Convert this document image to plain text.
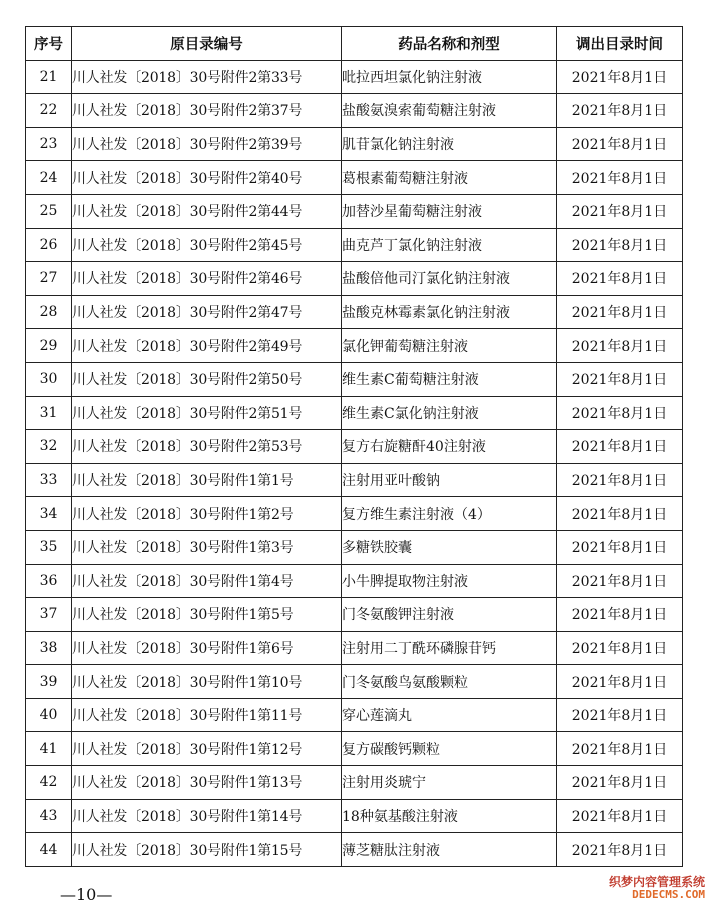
序号	原目录编号	药品名称和剂型	调出目录时间
21	川人社发〔2018〕30号附件2第33号	吡拉西坦氯化钠注射液	2021年8月1日
22	川人社发〔2018〕30号附件2第37号	盐酸氨溴索葡萄糖注射液	2021年8月1日
23	川人社发〔2018〕30号附件2第39号	肌苷氯化钠注射液	2021年8月1日
24	川人社发〔2018〕30号附件2第40号	葛根素葡萄糖注射液	2021年8月1日
25	川人社发〔2018〕30号附件2第44号	加替沙星葡萄糖注射液	2021年8月1日
26	川人社发〔2018〕30号附件2第45号	曲克芦丁氯化钠注射液	2021年8月1日
27	川人社发〔2018〕30号附件2第46号	盐酸倍他司汀氯化钠注射液	2021年8月1日
28	川人社发〔2018〕30号附件2第47号	盐酸克林霉素氯化钠注射液	2021年8月1日
29	川人社发〔2018〕30号附件2第49号	氯化钾葡萄糖注射液	2021年8月1日
30	川人社发〔2018〕30号附件2第50号	维生素C葡萄糖注射液	2021年8月1日
31	川人社发〔2018〕30号附件2第51号	维生素C氯化钠注射液	2021年8月1日
32	川人社发〔2018〕30号附件2第53号	复方右旋糖酐40注射液	2021年8月1日
33	川人社发〔2018〕30号附件1第1号	注射用亚叶酸钠	2021年8月1日
34	川人社发〔2018〕30号附件1第2号	复方维生素注射液（4）	2021年8月1日
35	川人社发〔2018〕30号附件1第3号	多糖铁胶囊	2021年8月1日
36	川人社发〔2018〕30号附件1第4号	小牛脾提取物注射液	2021年8月1日
37	川人社发〔2018〕30号附件1第5号	门冬氨酸钾注射液	2021年8月1日
38	川人社发〔2018〕30号附件1第6号	注射用二丁酰环磷腺苷钙	2021年8月1日
39	川人社发〔2018〕30号附件1第10号	门冬氨酸鸟氨酸颗粒	2021年8月1日
40	川人社发〔2018〕30号附件1第11号	穿心莲滴丸	2021年8月1日
41	川人社发〔2018〕30号附件1第12号	复方碳酸钙颗粒	2021年8月1日
42	川人社发〔2018〕30号附件1第13号	注射用炎琥宁	2021年8月1日
43	川人社发〔2018〕30号附件1第14号	18种氨基酸注射液	2021年8月1日
44	川人社发〔2018〕30号附件1第15号	薄芝糖肽注射液	2021年8月1日
—10—
织梦内容管理系统
DEDECMS.COM
